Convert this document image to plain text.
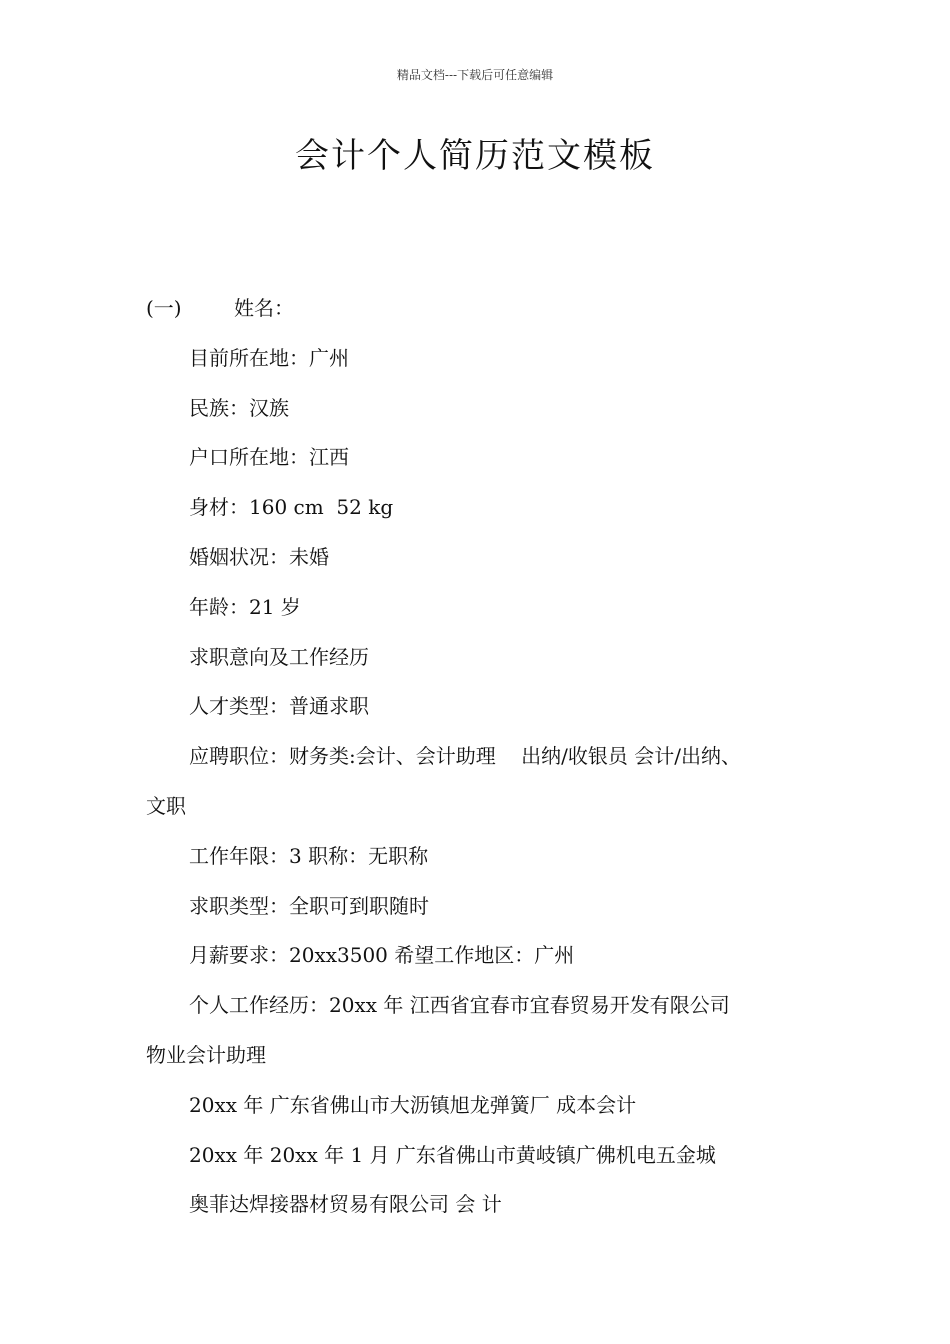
精品文档---下载后可任意编辑
会计个人简历范文模板
(一)	姓名：
目前所在地：广州
民族：汉族
户口所在地：江西
身材：160 cm  52 kg
婚姻状况：未婚
年龄：21 岁
求职意向及工作经历
人才类型：普通求职
应聘职位：财务类:会计、会计助理    出纳/收银员 会计/出纳、
文职
工作年限：3 职称：无职称
求职类型：全职可到职随时
月薪要求：20xx3500 希望工作地区：广州
个人工作经历：20xx 年 江西省宜春市宜春贸易开发有限公司
物业会计助理
20xx 年 广东省佛山市大沥镇旭龙弹簧厂 成本会计
20xx 年 20xx 年 1 月 广东省佛山市黄岐镇广佛机电五金城
奥菲达焊接器材贸易有限公司 会 计
